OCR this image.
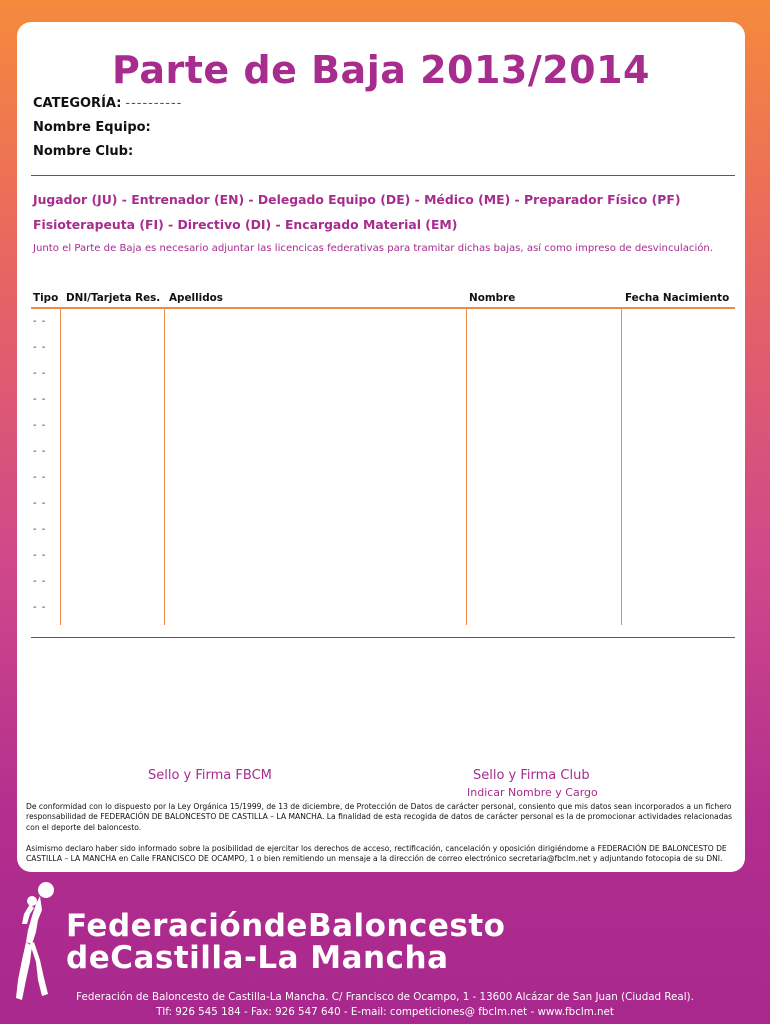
Parte de Baja 2013/2014
CATEGORÍA: ----------
Nombre Equipo:
Nombre Club:
Jugador (JU) - Entrenador (EN) - Delegado Equipo (DE) - Médico (ME) - Preparador Físico (PF)
Fisioterapeuta (FI) - Directivo (DI) - Encargado Material (EM)
Junto el Parte de Baja es necesario adjuntar las licencicas federativas para tramitar dichas bajas, así como impreso de desvinculación.
Tipo DNI/Tarjeta Res. Apellidos	Nombre	Fecha Nacimiento
- -
- -
- -
- -
- -
- -
- -
- -
- -
- -
- -
- -
Sello y Firma FBCM	Sello y Firma Club
Indicar Nombre y Cargo
De conformidad con lo dispuesto por la Ley Orgánica 15/1999, de 13 de diciembre, de Protección de Datos de carácter personal, consiento que mis datos sean incorporados a un fichero responsabilidad de FEDERACIÓN DE BALONCESTO DE CASTILLA – LA MANCHA. La finalidad de esta recogida de datos de carácter personal es la de promocionar actividades relacionadas con el deporte del baloncesto.
Asimismo declaro haber sido informado sobre la posibilidad de ejercitar los derechos de acceso, rectificación, cancelación y oposición dirigiéndome a FEDERACIÓN DE BALONCESTO DE CASTILLA – LA MANCHA en Calle FRANCISCO DE OCAMPO, 1 o bien remitiendo un mensaje a la dirección de correo electrónico secretaria@fbclm.net y adjuntando fotocopia de su DNI.
FederacióndeBaloncesto
deCastilla-La Mancha
Federación de Baloncesto de Castilla-La Mancha. C/ Francisco de Ocampo, 1 - 13600 Alcázar de San Juan (Ciudad Real).
Tlf: 926 545 184 - Fax: 926 547 640 - E-mail: competiciones@ fbclm.net - www.fbclm.net
